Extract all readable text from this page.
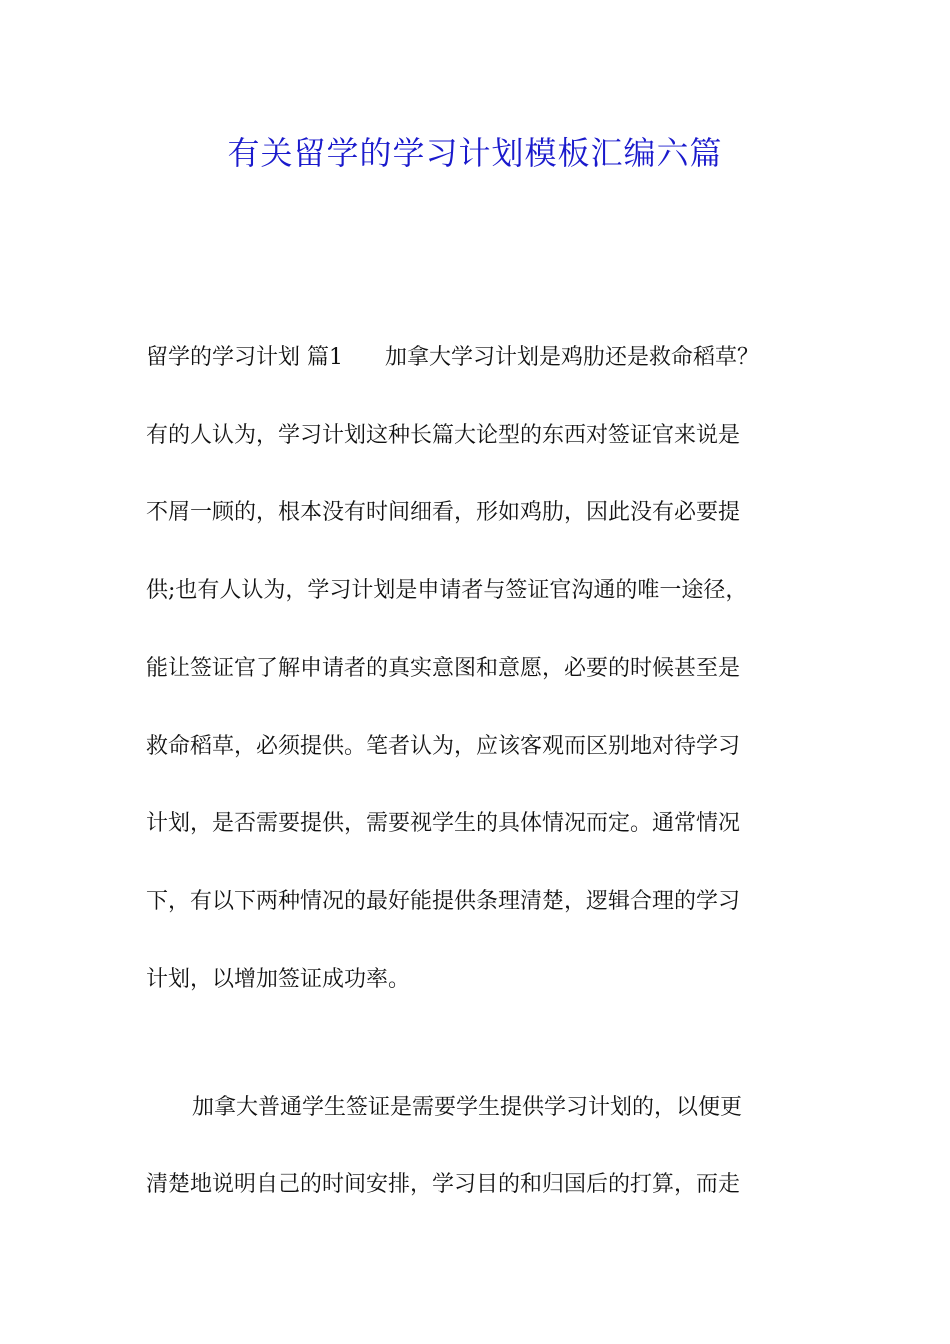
有关留学的学习计划模板汇编六篇

留学的学习计划 篇1 加拿大学习计划是鸡肋还是救命稻草？

有的人认为，学习计划这种长篇大论型的东西对签证官来说是

不屑一顾的，根本没有时间细看，形如鸡肋，因此没有必要提

供;也有人认为，学习计划是申请者与签证官沟通的唯一途径，

能让签证官了解申请者的真实意图和意愿，必要的时候甚至是

救命稻草，必须提供。笔者认为，应该客观而区别地对待学习

计划，是否需要提供，需要视学生的具体情况而定。通常情况

下，有以下两种情况的最好能提供条理清楚，逻辑合理的学习

计划，以增加签证成功率。

加拿大普通学生签证是需要学生提供学习计划的，以便更

清楚地说明自己的时间安排，学习目的和归国后的打算，而走
